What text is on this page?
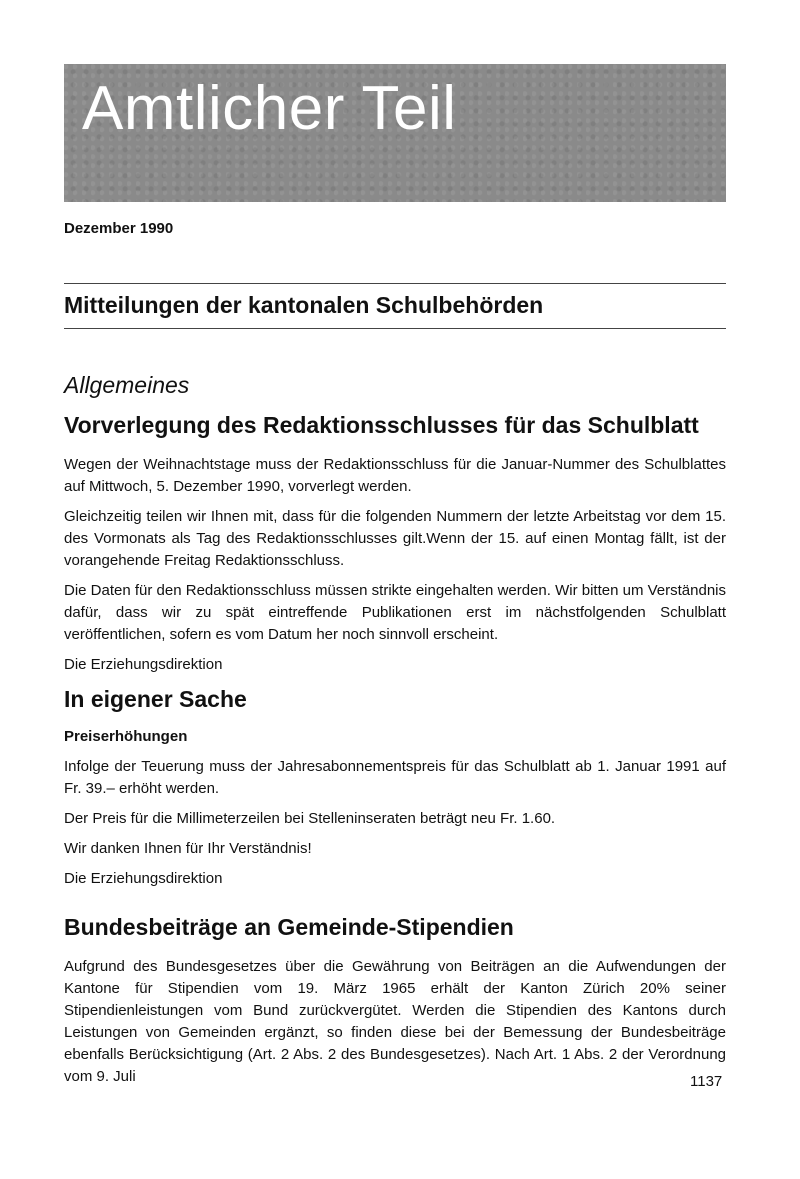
Amtlicher Teil
Dezember 1990
Mitteilungen der kantonalen Schulbehörden
Allgemeines
Vorverlegung des Redaktionsschlusses für das Schulblatt

Wegen der Weihnachtstage muss der Redaktionsschluss für die Januar-Nummer des Schulblattes auf Mittwoch, 5. Dezember 1990, vorverlegt werden.

Gleichzeitig teilen wir Ihnen mit, dass für die folgenden Nummern der letzte Arbeitstag vor dem 15. des Vormonats als Tag des Redaktionsschlusses gilt.Wenn der 15. auf einen Montag fällt, ist der vorangehende Freitag Redaktionsschluss.

Die Daten für den Redaktionsschluss müssen strikte eingehalten werden. Wir bitten um Verständnis dafür, dass wir zu spät eintreffende Publikationen erst im nächstfolgenden Schulblatt veröffentlichen, sofern es vom Datum her noch sinnvoll erscheint.

Die Erziehungsdirektion

In eigener Sache
Preiserhöhungen

Infolge der Teuerung muss der Jahresabonnementspreis für das Schulblatt ab 1. Januar 1991 auf Fr. 39.– erhöht werden.

Der Preis für die Millimeterzeilen bei Stelleninseraten beträgt neu Fr. 1.60.

Wir danken Ihnen für Ihr Verständnis!

Die Erziehungsdirektion

Bundesbeiträge an Gemeinde-Stipendien

Aufgrund des Bundesgesetzes über die Gewährung von Beiträgen an die Aufwendungen der Kantone für Stipendien vom 19. März 1965 erhält der Kanton Zürich 20% seiner Stipendienleistungen vom Bund zurückvergütet. Werden die Stipendien des Kantons durch Leistungen von Gemeinden ergänzt, so finden diese bei der Bemessung der Bundesbeiträge ebenfalls Berücksichtigung (Art. 2 Abs. 2 des Bundesgesetzes). Nach Art. 1 Abs. 2 der Verordnung vom 9. Juli	1137
